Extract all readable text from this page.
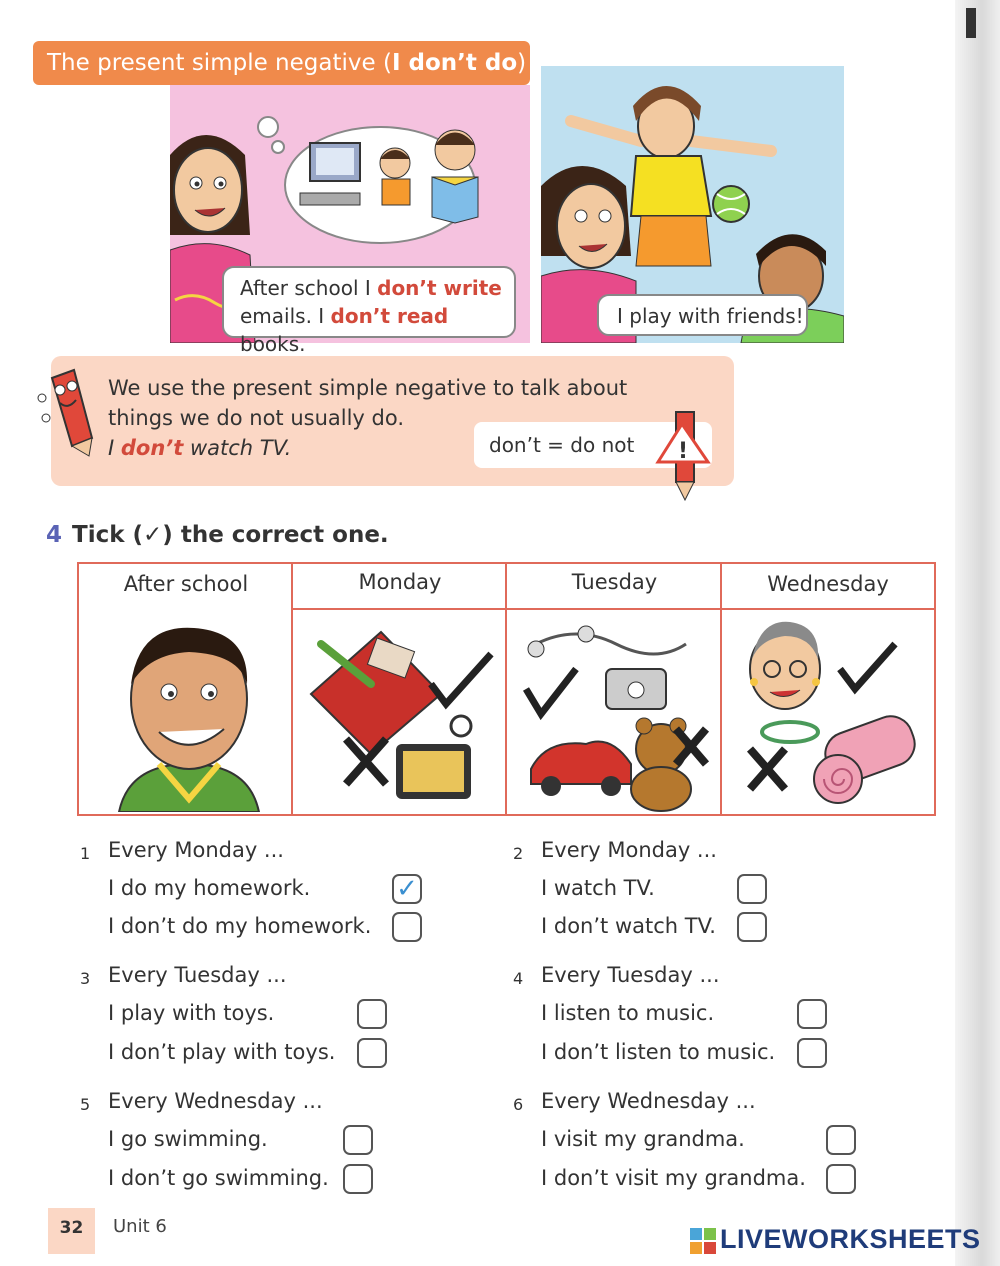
The present simple negative (I don’t do)
After school I don’t write
emails. I don’t read books.
I play with friends!
We use the present simple negative to talk about
things we do not usually do.
I don’t watch TV.	don’t = do not	!
4 Tick (✓) the correct one.
After school	Monday	Tuesday	Wednesday
1 Every Monday ...
I do my homework.
I don’t do my homework.
✓
2 Every Monday ...
I watch TV.
I don’t watch TV.
3 Every Tuesday ...
I play with toys.
I don’t play with toys.
4 Every Tuesday ...
I listen to music.
I don’t listen to music.
5 Every Wednesday ...
I go swimming.
I don’t go swimming.
6 Every Wednesday ...
I visit my grandma.
I don’t visit my grandma.
32	Unit 6	LIVEWORKSHEETS
